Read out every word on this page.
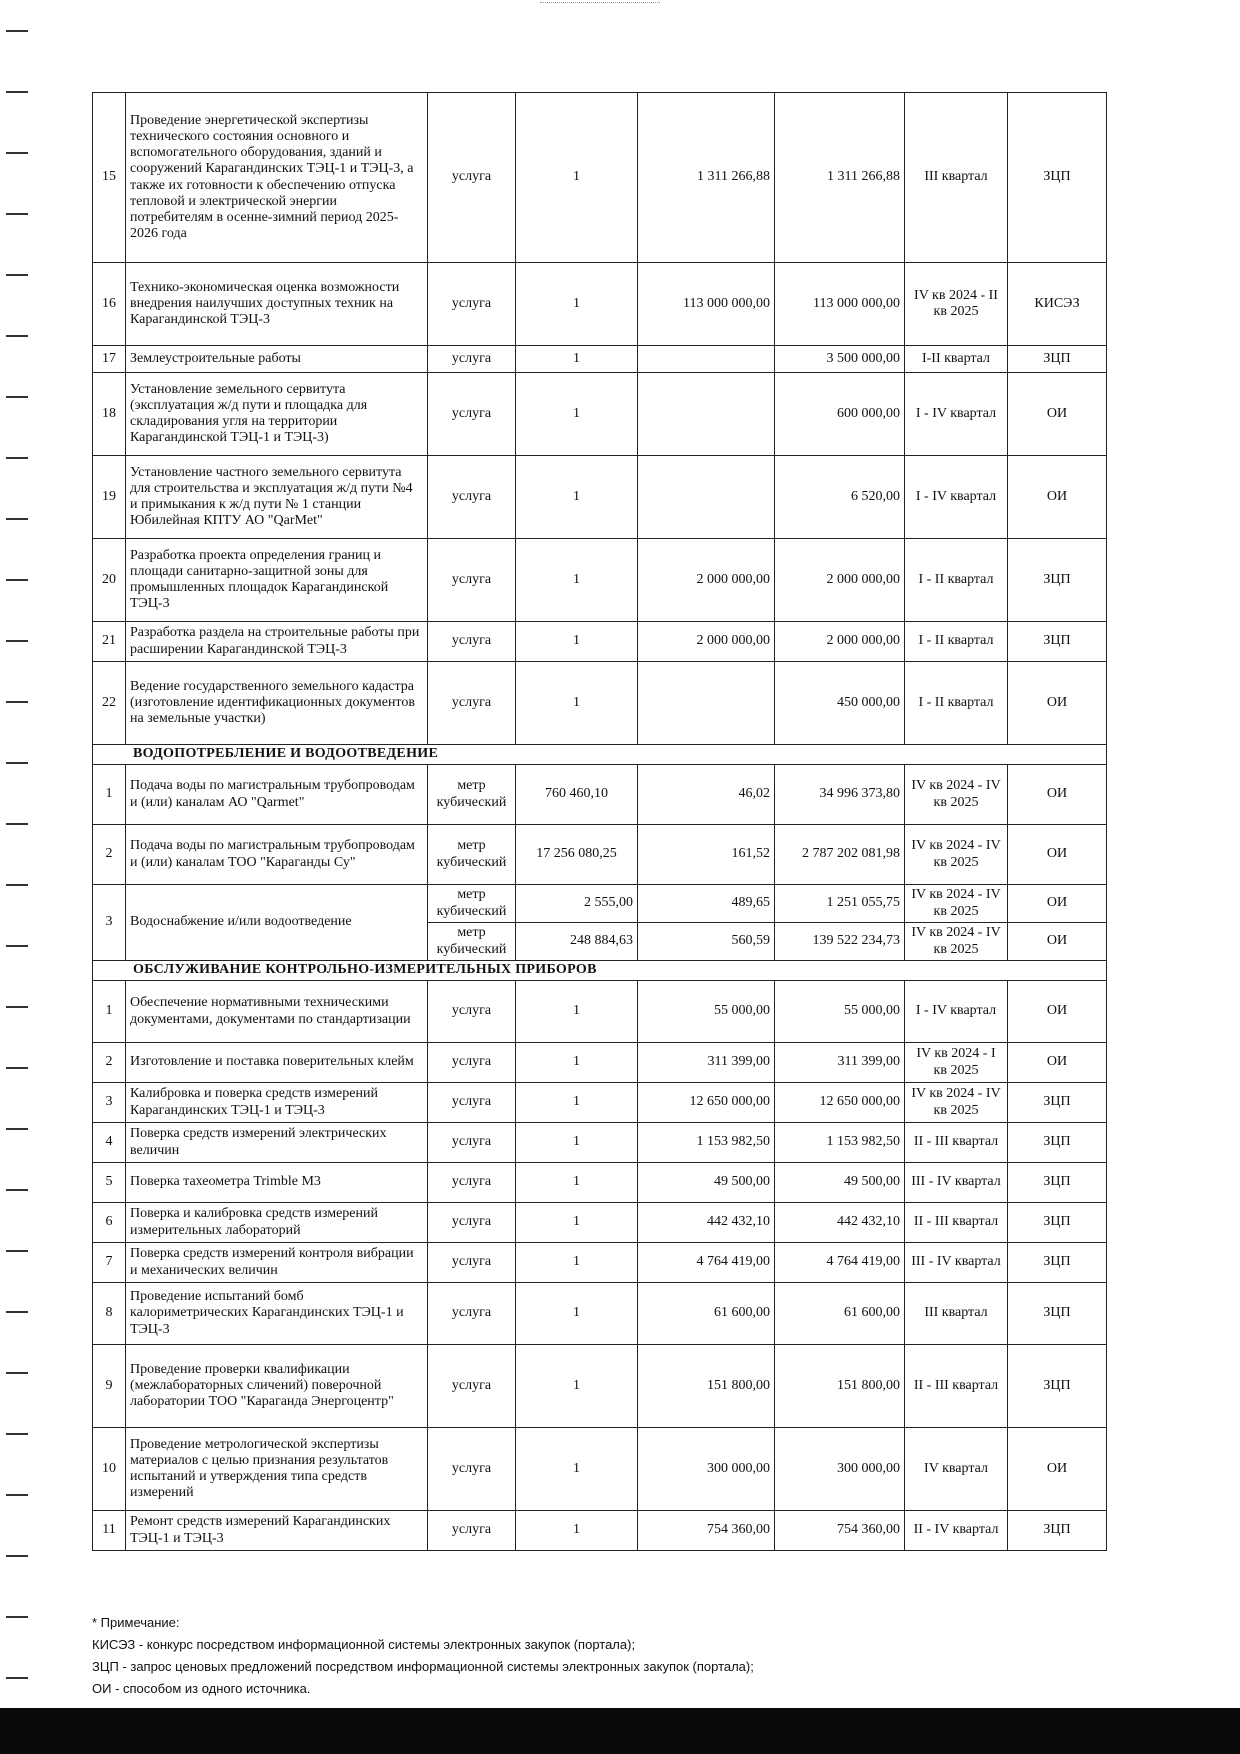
15	Проведение энергетической экспертизы технического состояния основного и вспомогательного оборудования, зданий и сооружений Карагандинских ТЭЦ-1 и ТЭЦ-3, а также их готовности к обеспечению отпуска тепловой и электрической энергии потребителям в осенне-зимний период 2025-2026 года	услуга	1	1 311 266,88	1 311 266,88	III квартал	ЗЦП
16	Технико-экономическая оценка возможности внедрения наилучших доступных техник на Карагандинской ТЭЦ-3	услуга	1	113 000 000,00	113 000 000,00	IV кв 2024 - II кв 2025	КИСЭЗ
17	Землеустроительные работы	услуга	1		3 500 000,00	I-II квартал	ЗЦП
18	Установление земельного сервитута (эксплуатация ж/д пути и площадка для складирования угля на территории Карагандинской ТЭЦ-1 и ТЭЦ-3)	услуга	1		600 000,00	I - IV квартал	ОИ
19	Установление частного земельного сервитута для строительства и эксплуатация ж/д пути №4 и примыкания к ж/д пути № 1 станции Юбилейная КПТУ АО "QarMet"	услуга	1		6 520,00	I - IV квартал	ОИ
20	Разработка проекта определения границ и площади санитарно-защитной зоны для промышленных площадок Карагандинской ТЭЦ-3	услуга	1	2 000 000,00	2 000 000,00	I - II квартал	ЗЦП
21	Разработка раздела на строительные работы при расширении Карагандинской ТЭЦ-3	услуга	1	2 000 000,00	2 000 000,00	I - II квартал	ЗЦП
22	Ведение государственного земельного кадастра (изготовление идентификационных документов на земельные участки)	услуга	1		450 000,00	I - II квартал	ОИ
ВОДОПОТРЕБЛЕНИЕ И ВОДООТВЕДЕНИЕ							
1	Подача воды по магистральным трубопроводам и (или) каналам АО "Qarmet"	метр кубический	760 460,10	46,02	34 996 373,80	IV кв 2024 - IV кв 2025	ОИ
2	Подача воды по магистральным трубопроводам и (или) каналам ТОО "Караганды Су"	метр кубический	17 256 080,25	161,52	2 787 202 081,98	IV кв 2024 - IV кв 2025	ОИ
3	Водоснабжение и/или водоотведение	метр кубический	2 555,00	489,65	1 251 055,75	IV кв 2024 - IV кв 2025	ОИ
		метр кубический	248 884,63	560,59	139 522 234,73	IV кв 2024 - IV кв 2025	ОИ
ОБСЛУЖИВАНИЕ КОНТРОЛЬНО-ИЗМЕРИТЕЛЬНЫХ ПРИБОРОВ							
1	Обеспечение нормативными техническими документами, документами по стандартизации	услуга	1	55 000,00	55 000,00	I - IV квартал	ОИ
2	Изготовление и поставка поверительных клейм	услуга	1	311 399,00	311 399,00	IV кв 2024 - I кв 2025	ОИ
3	Калибровка и поверка средств измерений Карагандинских ТЭЦ-1 и ТЭЦ-3	услуга	1	12 650 000,00	12 650 000,00	IV кв 2024 - IV кв 2025	ЗЦП
4	Поверка средств измерений электрических величин	услуга	1	1 153 982,50	1 153 982,50	II - III квартал	ЗЦП
5	Поверка тахеометра Trimble M3	услуга	1	49 500,00	49 500,00	III - IV квартал	ЗЦП
6	Поверка и калибровка средств измерений измерительных лабораторий	услуга	1	442 432,10	442 432,10	II - III квартал	ЗЦП
7	Поверка средств измерений контроля вибрации и механических величин	услуга	1	4 764 419,00	4 764 419,00	III - IV квартал	ЗЦП
8	Проведение испытаний бомб калориметрических Карагандинских ТЭЦ-1 и ТЭЦ-3	услуга	1	61 600,00	61 600,00	III квартал	ЗЦП
9	Проведение проверки квалификации (межлабораторных сличений) поверочной лаборатории ТОО "Караганда Энергоцентр"	услуга	1	151 800,00	151 800,00	II - III квартал	ЗЦП
10	Проведение метрологической экспертизы материалов с целью признания результатов испытаний и утверждения типа средств измерений	услуга	1	300 000,00	300 000,00	IV квартал	ОИ
11	Ремонт средств измерений Карагандинских ТЭЦ-1 и ТЭЦ-3	услуга	1	754 360,00	754 360,00	II - IV квартал	ЗЦП
* Примечание:
КИСЭЗ - конкурс посредством информационной системы электронных закупок (портала);
ЗЦП - запрос ценовых предложений посредством информационной системы электронных закупок (портала);
ОИ - способом из одного источника.
